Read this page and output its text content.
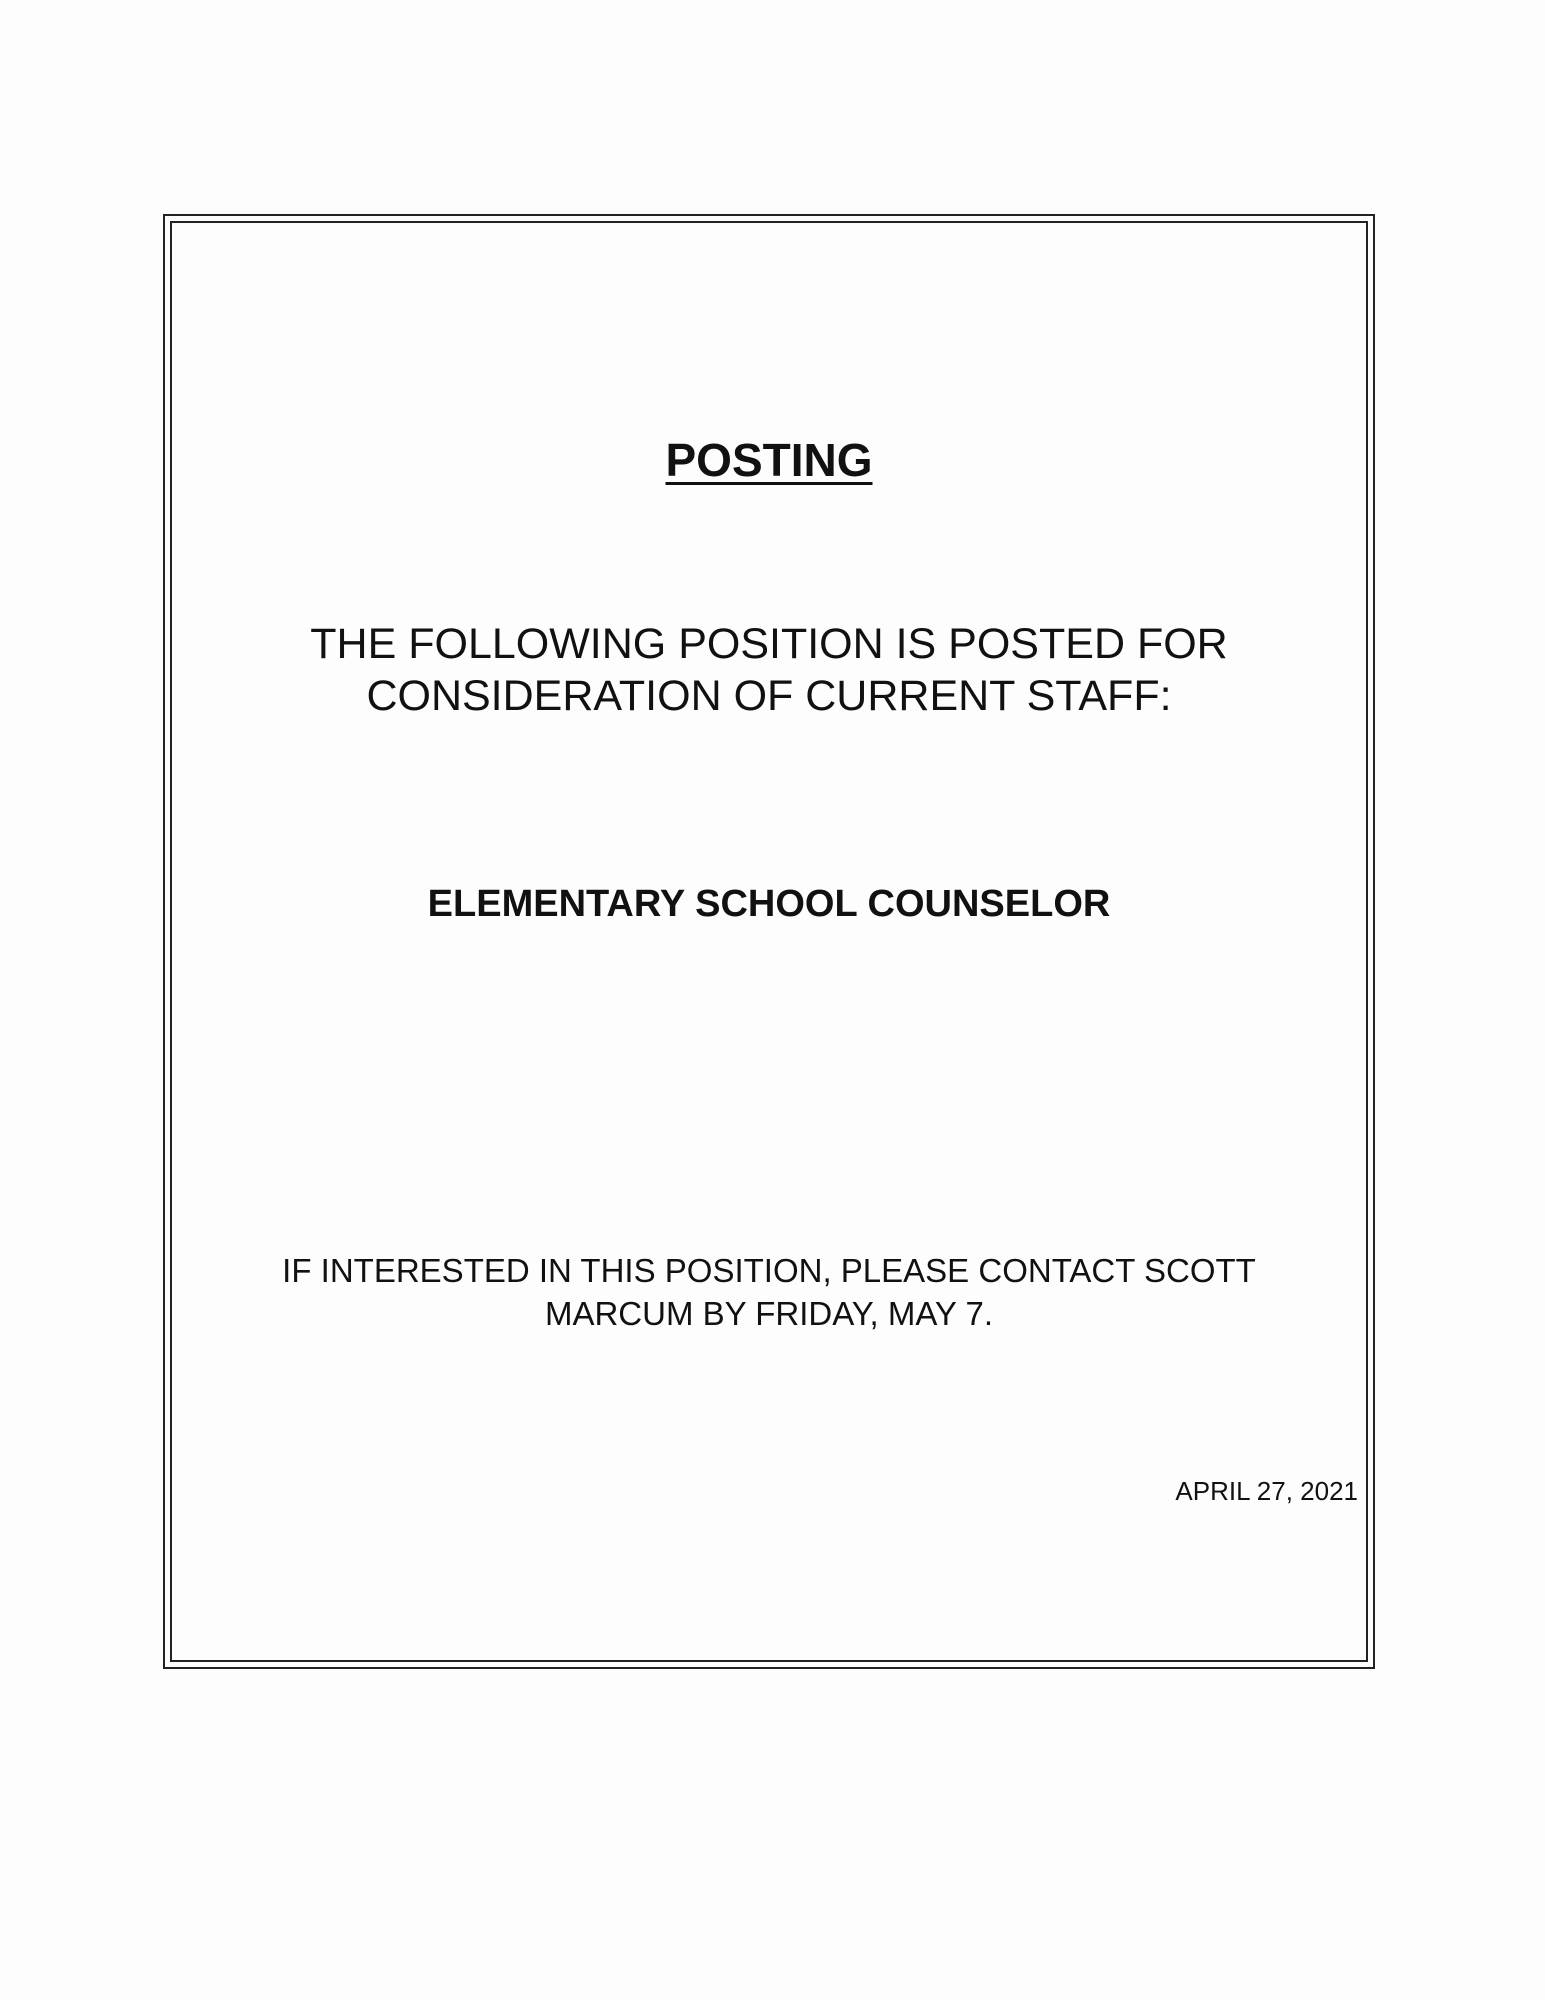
POSTING
THE FOLLOWING POSITION IS POSTED FOR
CONSIDERATION OF CURRENT STAFF:
ELEMENTARY SCHOOL COUNSELOR
IF INTERESTED IN THIS POSITION, PLEASE CONTACT SCOTT
MARCUM BY FRIDAY, MAY 7.

APRIL 27, 2021
